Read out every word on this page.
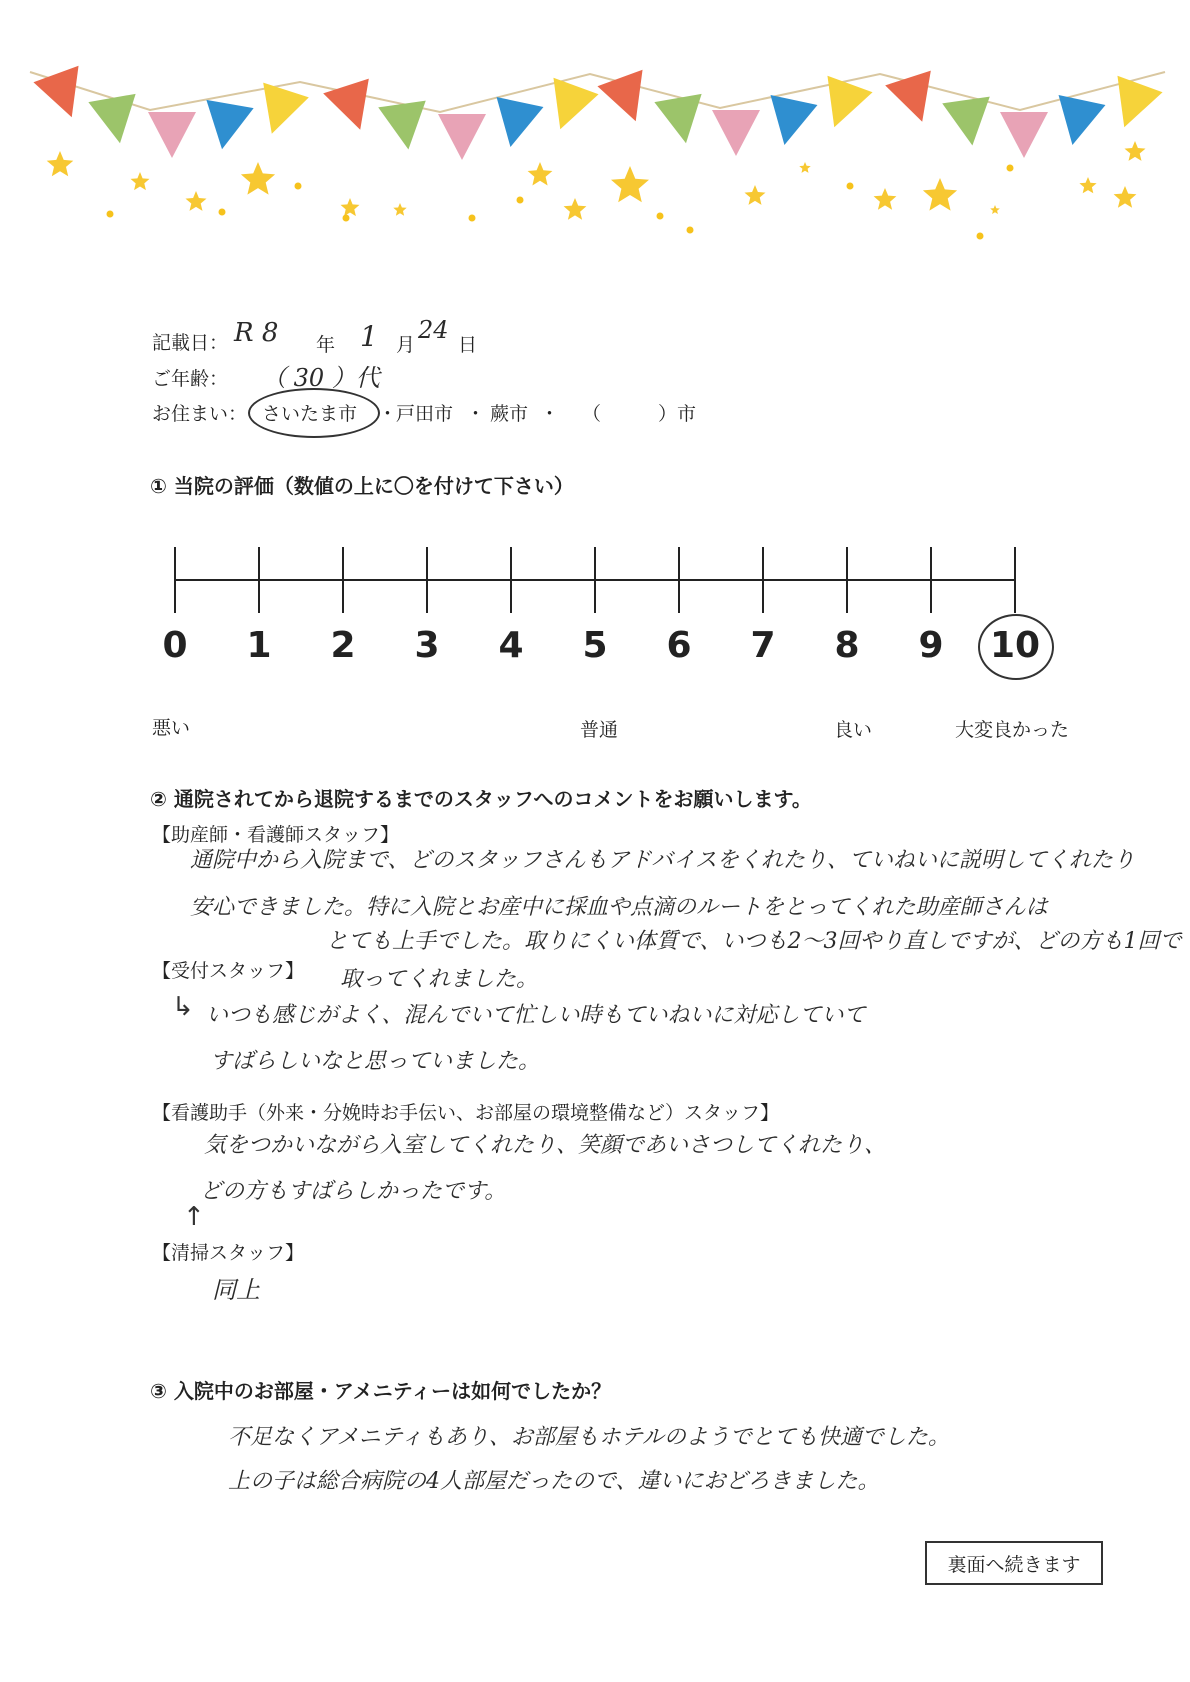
記載日： R 8 年 1 月
24
日
ご年齢： （ 30 ）代
お住まい： さいたま市 ・
戸田市 ・ 蕨市 ・ （　　　）市
① 当院の評価（数値の上に〇を付けて下さい）
0 1 2 3 4 5 6 7 8 9 10
悪い	普通	良い	大変良かった
② 通院されてから退院するまでのスタッフへのコメントをお願いします。
【助産師・看護師スタッフ】
通院中から入院まで、どのスタッフさんもアドバイスをくれたり、ていねいに説明してくれたり
安心できました。特に入院とお産中に採血や点滴のルートをとってくれた助産師さんは
とても上手でした。取りにくい体質で、いつも2〜3回やり直しですが、どの方も1回で
取ってくれました。
【受付スタッフ】
↳ いつも感じがよく、混んでいて忙しい時もていねいに対応していて
すばらしいなと思っていました。
【看護助手（外来・分娩時お手伝い、お部屋の環境整備など）スタッフ】
気をつかいながら入室してくれたり、笑顔であいさつしてくれたり、
どの方もすばらしかったです。
↑
【清掃スタッフ】
同上
③ 入院中のお部屋・アメニティーは如何でしたか？
不足なくアメニティもあり、お部屋もホテルのようでとても快適でした。
上の子は総合病院の4人部屋だったので、違いにおどろきました。
裏面へ続きます
